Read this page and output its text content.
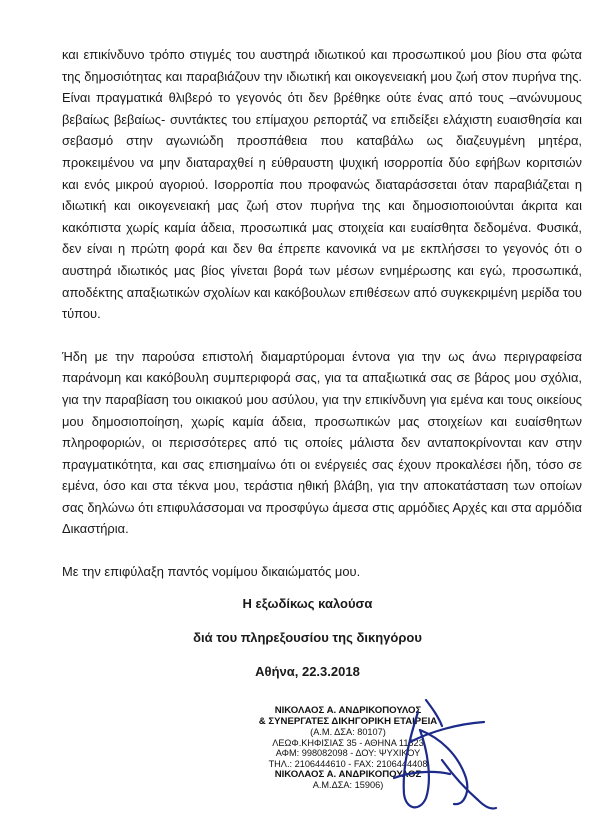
και επικίνδυνο τρόπο στιγμές του αυστηρά ιδιωτικού και προσωπικού μου βίου στα φώτα της δημοσιότητας και παραβιάζουν την ιδιωτική και οικογενειακή μου ζωή στον πυρήνα της. Είναι πραγματικά θλιβερό το γεγονός ότι δεν βρέθηκε ούτε ένας από τους –ανώνυμους βεβαίως βεβαίως- συντάκτες του επίμαχου ρεπορτάζ να επιδείξει ελάχιστη ευαισθησία και σεβασμό στην αγωνιώδη προσπάθεια που καταβάλω ως διαζευγμένη μητέρα, προκειμένου να μην διαταραχθεί η εύθραυστη ψυχική ισορροπία δύο εφήβων κοριτσιών και ενός μικρού αγοριού. Ισορροπία που προφανώς διαταράσσεται όταν παραβιάζεται η ιδιωτική και οικογενειακή μας ζωή στον πυρήνα της και δημοσιοποιούνται άκριτα και κακόπιστα χωρίς καμία άδεια, προσωπικά μας στοιχεία και ευαίσθητα δεδομένα. Φυσικά, δεν είναι η πρώτη φορά και δεν θα έπρεπε κανονικά να με εκπλήσσει το γεγονός ότι ο αυστηρά ιδιωτικός μας βίος γίνεται βορά των μέσων ενημέρωσης και εγώ, προσωπικά, αποδέκτης απαξιωτικών σχολίων και κακόβουλων επιθέσεων από συγκεκριμένη μερίδα του τύπου.

Ήδη με την παρούσα επιστολή διαμαρτύρομαι έντονα για την ως άνω περιγραφείσα παράνομη και κακόβουλη συμπεριφορά σας, για τα απαξιωτικά σας σε βάρος μου σχόλια, για την παραβίαση του οικιακού μου ασύλου, για την επικίνδυνη για εμένα και τους οικείους μου δημοσιοποίηση, χωρίς καμία άδεια, προσωπικών μας στοιχείων και ευαίσθητων πληροφοριών, οι περισσότερες από τις οποίες μάλιστα δεν ανταποκρίνονται καν στην πραγματικότητα, και σας επισημαίνω ότι οι ενέργειές σας έχουν προκαλέσει ήδη, τόσο σε εμένα, όσο και στα τέκνα μου, τεράστια ηθική βλάβη, για την αποκατάσταση των οποίων σας δηλώνω ότι επιφυλάσσομαι να προσφύγω άμεσα στις αρμόδιες Αρχές και στα αρμόδια Δικαστήρια.

Με την επιφύλαξη παντός νομίμου δικαιώματός μου.

Η εξωδίκως καλούσα
διά του πληρεξουσίου της δικηγόρου
Αθήνα, 22.3.2018
ΝΙΚΟΛΑΟΣ Α. ΑΝΔΡΙΚΟΠΟΥΛΟΣ
& ΣΥΝΕΡΓΑΤΕΣ ΔΙΚΗΓΟΡΙΚΗ ΕΤΑΙΡΕΙΑ
(Α.Μ. ΔΣΑ: 80107)
ΛΕΩΦ.ΚΗΦΙΣΙΑΣ 35 - ΑΘΗΝΑ 11523
ΑΦΜ: 998082098 - ΔΟΥ: ΨΥΧΙΚΟΥ
ΤΗΛ.: 2106444610 - FAX: 2106444408
ΝΙΚΟΛΑΟΣ Α. ΑΝΔΡΙΚΟΠΟΥΛΟΣ
Α.Μ.ΔΣΑ: 15906)
